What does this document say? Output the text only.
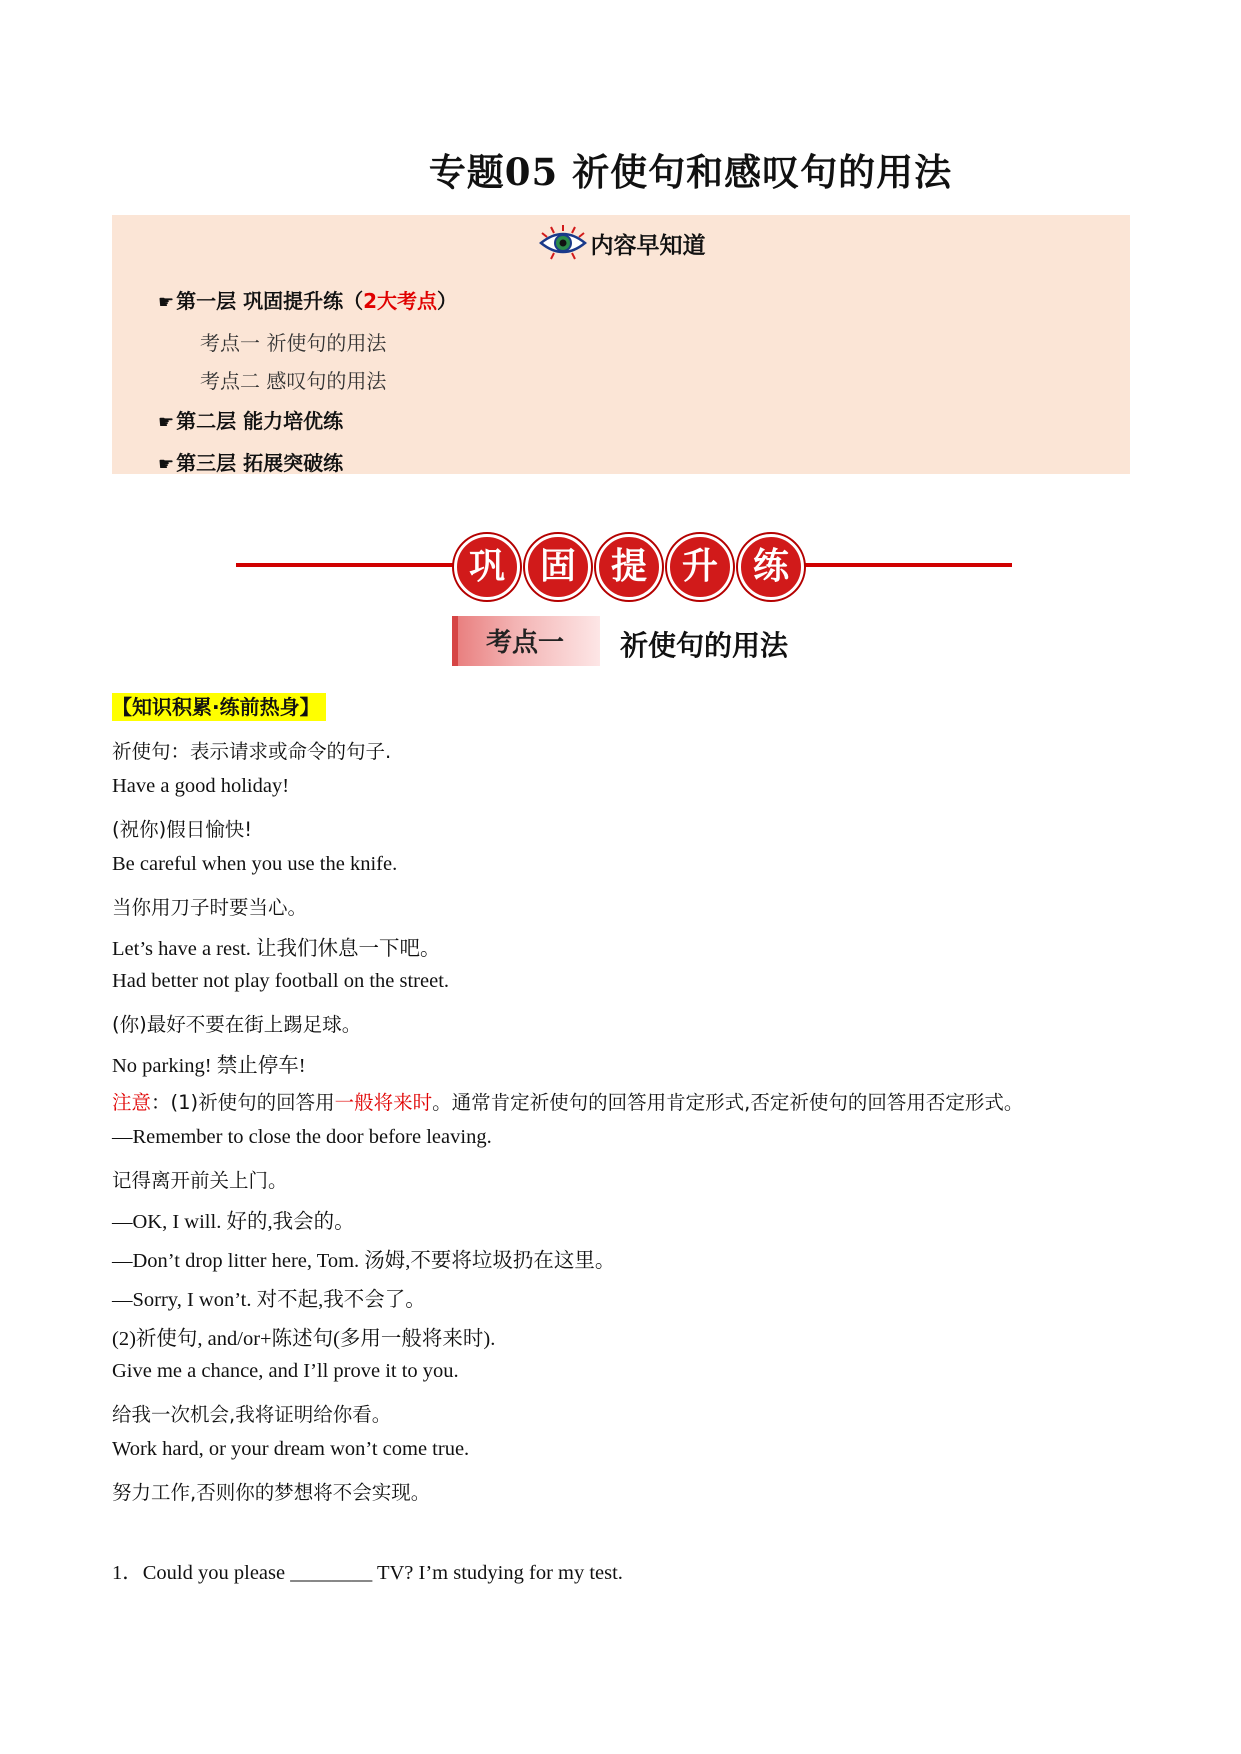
专题05 祈使句和感叹句的用法
内容早知道
☛ 第一层 巩固提升练（2大考点）
考点一 祈使句的用法
考点二 感叹句的用法
☛ 第二层 能力培优练
☛ 第三层 拓展突破练
巩 固 提 升 练
考点一 祈使句的用法
【知识积累·练前热身】
祈使句：表示请求或命令的句子.
Have a good holiday!
(祝你)假日愉快!
Be careful when you use the knife.
当你用刀子时要当心。
Let’s have a rest. 让我们休息一下吧。
Had better not play football on the street.
(你)最好不要在街上踢足球。
No parking! 禁止停车!
注意：(1)祈使句的回答用一般将来时。通常肯定祈使句的回答用肯定形式,否定祈使句的回答用否定形式。
—Remember to close the door before leaving.
记得离开前关上门。
—OK, I will. 好的,我会的。
—Don’t drop litter here, Tom. 汤姆,不要将垃圾扔在这里。
—Sorry, I won’t. 对不起,我不会了。
(2)祈使句, and/or+陈述句(多用一般将来时).
Give me a chance, and I’ll prove it to you.
给我一次机会,我将证明给你看。
Work hard, or your dream won’t come true.
努力工作,否则你的梦想将不会实现。
1．Could you please ________ TV? I’m studying for my test.
